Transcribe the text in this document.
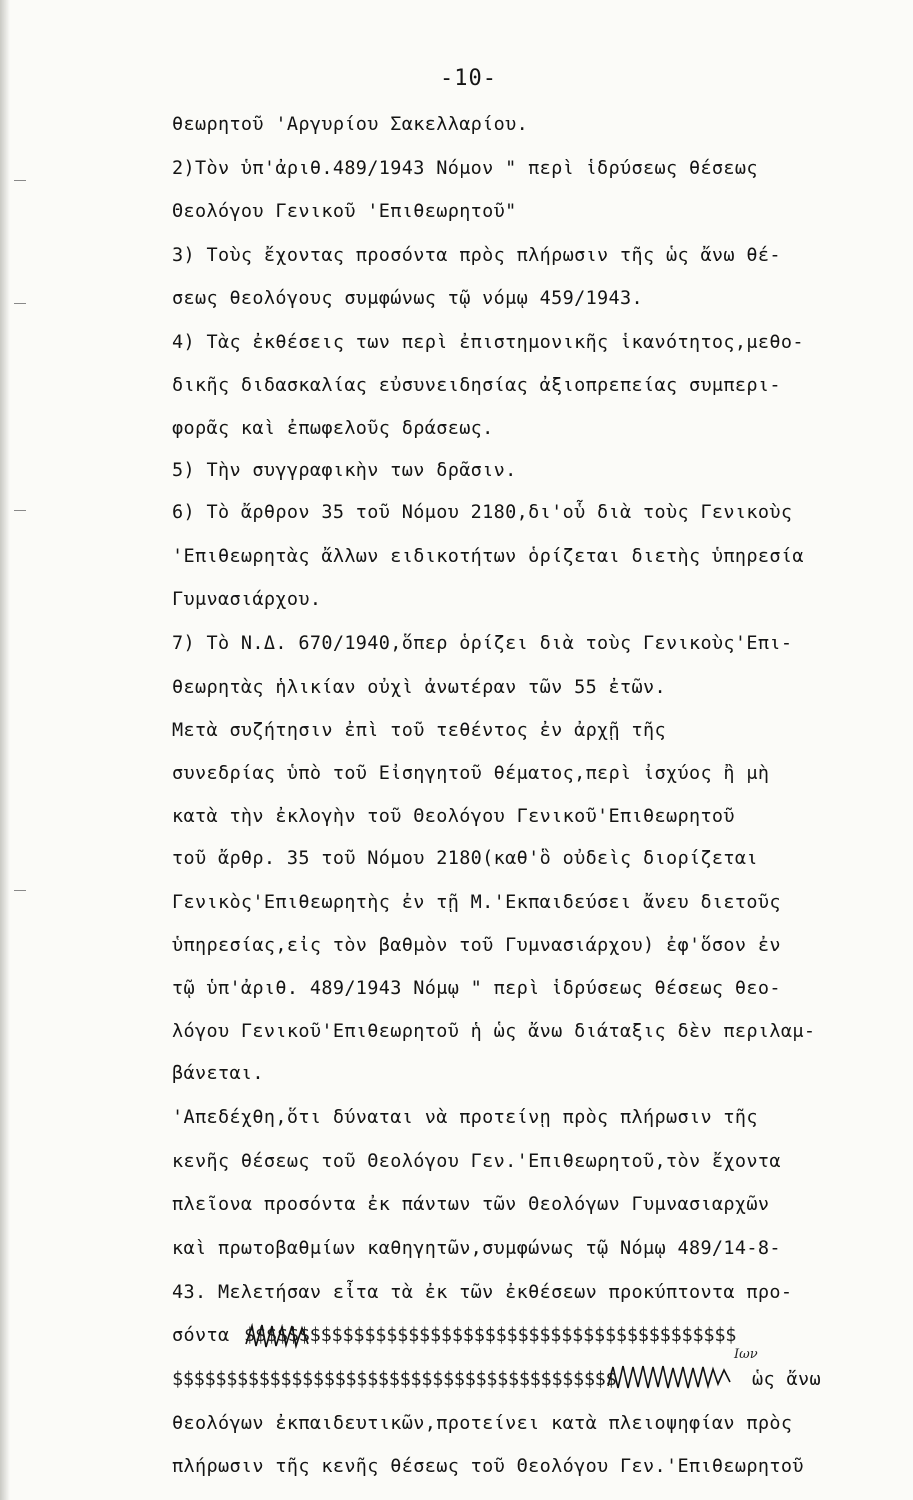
-10-
θεωρητοῦ 'Αργυρίου Σακελλαρίου.
2)Τὸν ὑπ'ἀριθ.489/1943 Νόμον " περὶ ἱδρύσεως θέσεως
Θεολόγου Γενικοῦ 'Επιθεωρητοῦ"
3) Τοὺς ἔχοντας προσόντα πρὸς πλήρωσιν τῆς ὡς ἄνω θέ-
σεως θεολόγους συμφώνως τῷ νόμῳ 459/1943.
4) Τὰς ἐκθέσεις των περὶ ἐπιστημονικῆς ἱκανότητος,μεθο-
δικῆς διδασκαλίας εὐσυνειδησίας ἀξιοπρεπείας συμπερι-
φορᾶς καὶ ἐπωφελοῦς δράσεως.
5) Τὴν συγγραφικὴν των δρᾶσιν.
6) Τὸ ἄρθρον 35 τοῦ Νόμου 2180,δι'οὗ διὰ τοὺς Γενικοὺς
'Επιθεωρητὰς ἄλλων ειδικοτήτων ὁρίζεται διετὴς ὑπηρεσία
Γυμνασιάρχου.
7) Τὸ Ν.Δ. 670/1940,ὅπερ ὁρίζει διὰ τοὺς Γενικοὺς'Επι-
θεωρητὰς ἡλικίαν οὐχὶ ἀνωτέραν τῶν 55 ἐτῶν.
Μετὰ συζήτησιν ἐπὶ τοῦ τεθέντος ἐν ἀρχῇ τῆς
συνεδρίας ὑπὸ τοῦ Εἰσηγητοῦ θέματος,περὶ ἰσχύος ἢ μὴ
κατὰ τὴν ἐκλογὴν τοῦ Θεολόγου Γενικοῦ'Επιθεωρητοῦ
τοῦ ἄρθρ. 35 τοῦ Νόμου 2180(καθ'ὃ οὐδεὶς διορίζεται
Γενικὸς'Επιθεωρητὴς ἐν τῇ Μ.'Εκπαιδεύσει ἄνευ διετοῦς
ὑπηρεσίας,εἰς τὸν βαθμὸν τοῦ Γυμνασιάρχου) ἐφ'ὅσον ἐν
τῷ ὑπ'ἀριθ. 489/1943 Νόμῳ " περὶ ἱδρύσεως θέσεως θεο-
λόγου Γενικοῦ'Επιθεωρητοῦ ἡ ὡς ἄνω διάταξις δὲν περιλαμ-
βάνεται.
'Απεδέχθη,ὅτι δύναται νὰ προτείνῃ πρὸς πλήρωσιν τῆς
κενῆς θέσεως τοῦ Θεολόγου Γεν.'Επιθεωρητοῦ,τὸν ἔχοντα
πλεῖονα προσόντα ἐκ πάντων τῶν Θεολόγων Γυμνασιαρχῶν
καὶ πρωτοβαθμίων καθηγητῶν,συμφώνως τῷ Νόμῳ 489/14-8-
43. Μελετήσαν εἶτα τὰ ἐκ τῶν ἐκθέσεων προκύπτοντα προ-
σόντα $$$$$$$$$$$$$$$$$$$$$$$$$$$$$$$$$$$$$$$$$$$$$
$$$$$$$$$$$$$$$$$$$$$$$$$$$$$$$$$$$$$$$$$
Ιων
ὡς ἄνω
θεολόγων ἐκπαιδευτικῶν,προτείνει κατὰ πλειοψηφίαν πρὸς
πλήρωσιν τῆς κενῆς θέσεως τοῦ Θεολόγου Γεν.'Επιθεωρητοῦ
